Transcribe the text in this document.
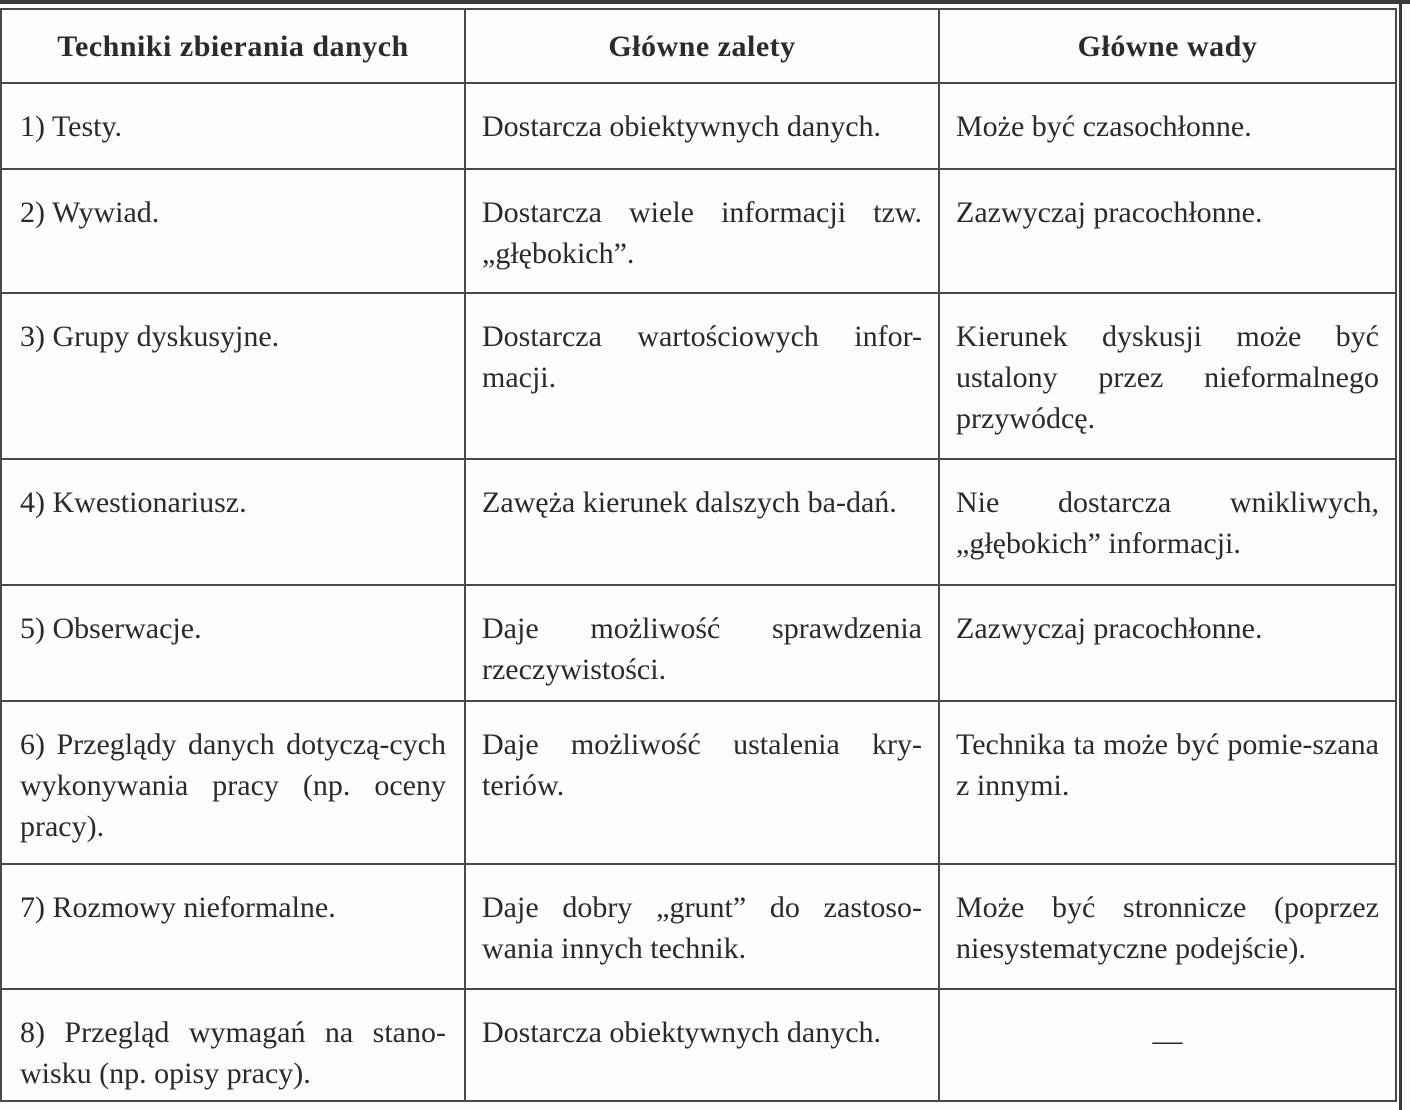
Techniki zbierania danych	Główne zalety	Główne wady

1) Testy.	Dostarcza obiektywnych danych.	Może być czasochłonne.

2) Wywiad.	Dostarcza wiele informacji tzw. „głębokich”.	Zazwyczaj pracochłonne.

3) Grupy dyskusyjne.	Dostarcza wartościowych infor-macji.	Kierunek dyskusji może być ustalony przez nieformalnego przywódcę.

4) Kwestionariusz.	Zawęża kierunek dalszych ba-dań.	Nie dostarcza wnikliwych, „głębokich” informacji.

5) Obserwacje.	Daje możliwość sprawdzenia rzeczywistości.	Zazwyczaj pracochłonne.

6) Przeglądy danych dotyczą-cych wykonywania pracy (np. oceny pracy).	Daje możliwość ustalenia kry-teriów.	Technika ta może być pomie-szana z innymi.

7) Rozmowy nieformalne.	Daje dobry „grunt” do zastoso-wania innych technik.	Może być stronnicze (poprzez niesystematyczne podejście).

8) Przegląd wymagań na stano-wisku (np. opisy pracy).	Dostarcza obiektywnych danych.	—
